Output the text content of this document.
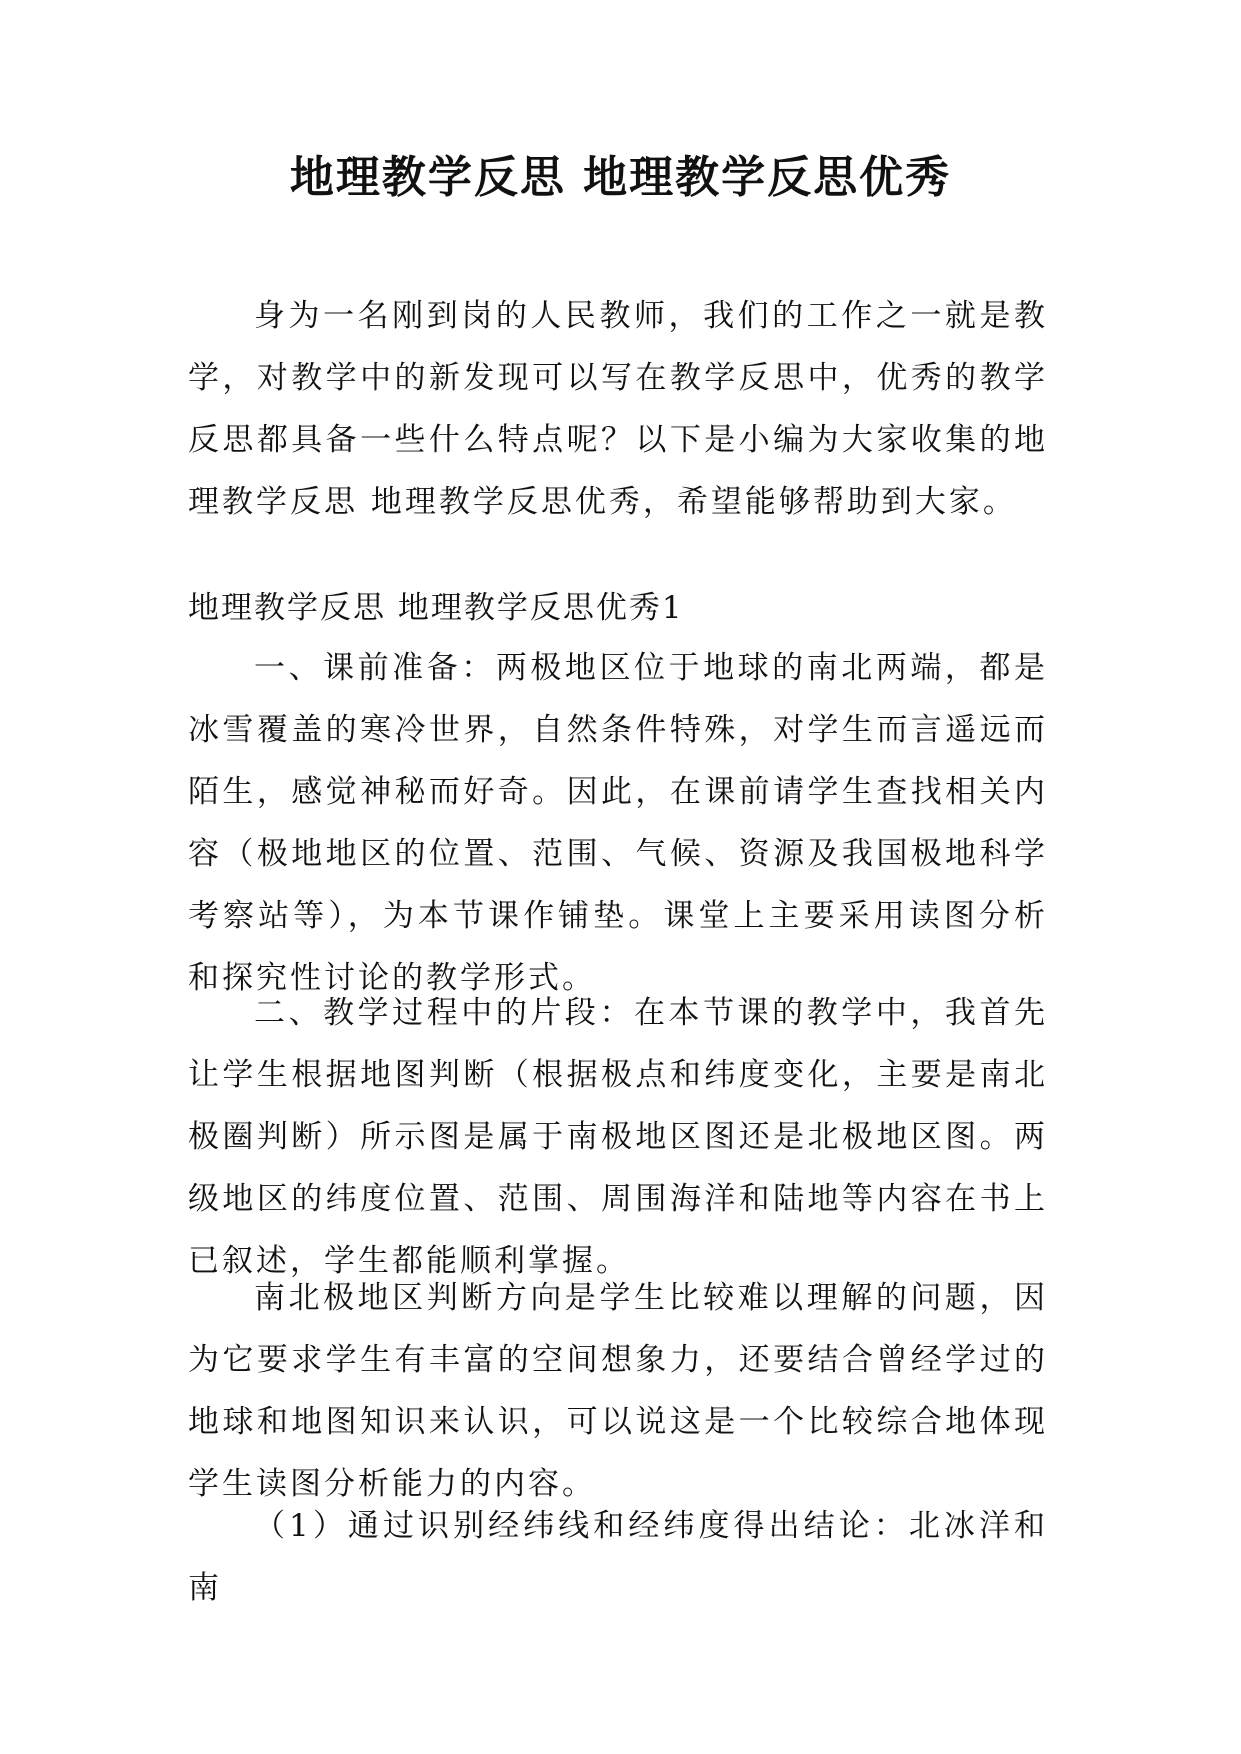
地理教学反思 地理教学反思优秀

身为一名刚到岗的人民教师，我们的工作之一就是教学，对教学中的新发现可以写在教学反思中，优秀的教学反思都具备一些什么特点呢？以下是小编为大家收集的地理教学反思 地理教学反思优秀，希望能够帮助到大家。

地理教学反思 地理教学反思优秀1

一、课前准备：两极地区位于地球的南北两端，都是冰雪覆盖的寒冷世界，自然条件特殊，对学生而言遥远而陌生，感觉神秘而好奇。因此，在课前请学生查找相关内容（极地地区的位置、范围、气候、资源及我国极地科学考察站等），为本节课作铺垫。课堂上主要采用读图分析和探究性讨论的教学形式。

二、教学过程中的片段：在本节课的教学中，我首先让学生根据地图判断（根据极点和纬度变化，主要是南北极圈判断）所示图是属于南极地区图还是北极地区图。两级地区的纬度位置、范围、周围海洋和陆地等内容在书上已叙述，学生都能顺利掌握。

南北极地区判断方向是学生比较难以理解的问题，因为它要求学生有丰富的空间想象力，还要结合曾经学过的地球和地图知识来认识，可以说这是一个比较综合地体现学生读图分析能力的内容。

（1）通过识别经纬线和经纬度得出结论：北冰洋和南
